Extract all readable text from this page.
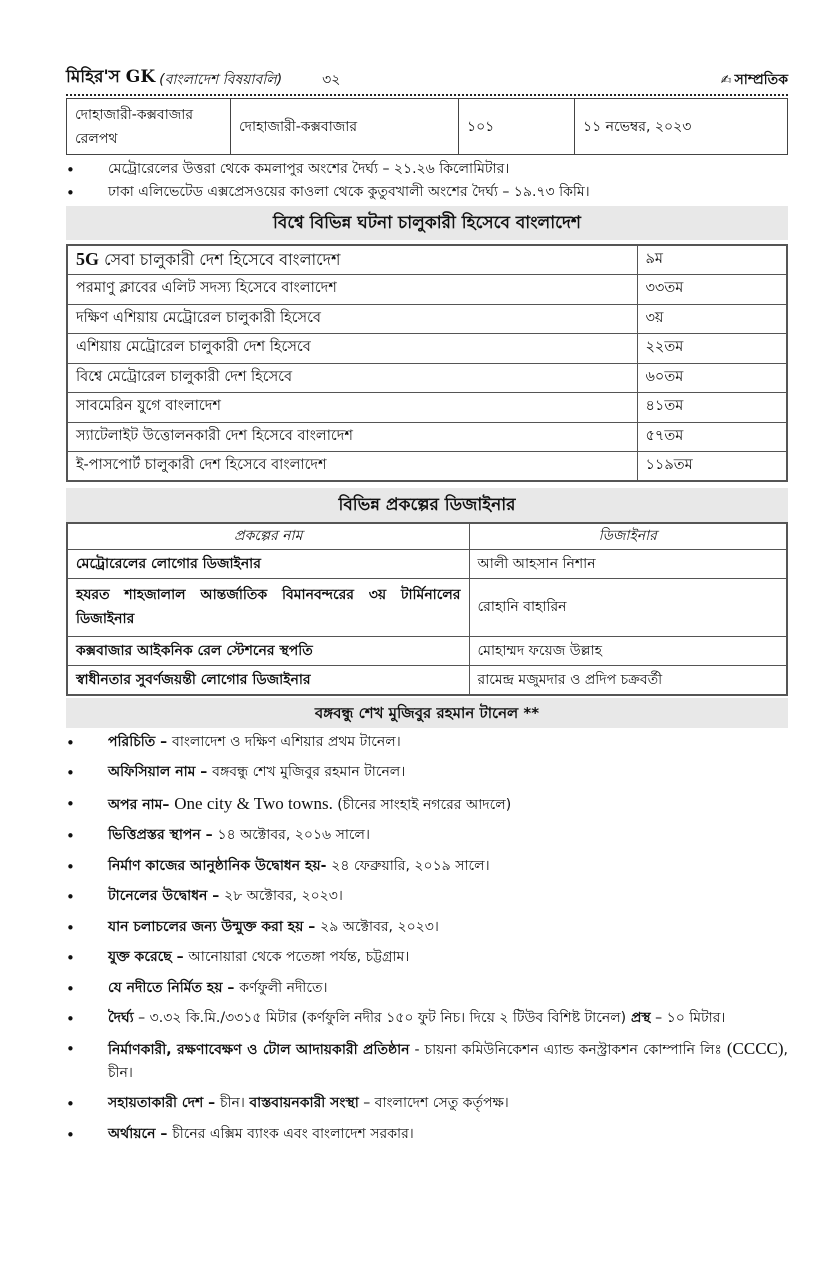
মিহির'স GK (বাংলাদেশ বিষয়াবলি)	৩২	✍ সাম্প্রতিক
দোহাজারী-কক্সবাজার রেলপথ	দোহাজারী-কক্সবাজার	১০১	১১ নভেম্বর, ২০২৩
• মেট্রোরেলের উত্তরা থেকে কমলাপুর অংশের দৈর্ঘ্য – ২১.২৬ কিলোমিটার।
• ঢাকা এলিভেটেড এক্সপ্রেসওয়ের কাওলা থেকে কুতুবখালী অংশের দৈর্ঘ্য – ১৯.৭৩ কিমি।
বিশ্বে বিভিন্ন ঘটনা চালুকারী হিসেবে বাংলাদেশ
5G সেবা চালুকারী দেশ হিসেবে বাংলাদেশ	৯ম
পরমাণু ক্লাবের এলিট সদস্য হিসেবে বাংলাদেশ	৩৩তম
দক্ষিণ এশিয়ায় মেট্রোরেল চালুকারী হিসেবে	৩য়
এশিয়ায় মেট্রোরেল চালুকারী দেশ হিসেবে	২২তম
বিশ্বে মেট্রোরেল চালুকারী দেশ হিসেবে	৬০তম
সাবমেরিন যুগে বাংলাদেশ	৪১তম
স্যাটেলাইট উত্তোলনকারী দেশ হিসেবে বাংলাদেশ	৫৭তম
ই-পাসপোর্ট চালুকারী দেশ হিসেবে বাংলাদেশ	১১৯তম
বিভিন্ন প্রকল্পের ডিজাইনার
প্রকল্পের নাম	ডিজাইনার
মেট্রোরেলের লোগোর ডিজাইনার	আলী আহসান নিশান
হযরত শাহজালাল আন্তর্জাতিক বিমানবন্দরের ৩য় টার্মিনালের ডিজাইনার	রোহানি বাহারিন
কক্সবাজার আইকনিক রেল স্টেশনের স্থপতি	মোহাম্মদ ফয়েজ উল্লাহ
স্বাধীনতার সুবর্ণজয়ন্তী লোগোর ডিজাইনার	রামেন্দ্র মজুমদার ও প্রদিপ চক্রবর্তী
বঙ্গবন্ধু শেখ মুজিবুর রহমান টানেল **
• পরিচিতি – বাংলাদেশ ও দক্ষিণ এশিয়ার প্রথম টানেল।
• অফিসিয়াল নাম – বঙ্গবন্ধু শেখ মুজিবুর রহমান টানেল।
• অপর নাম– One city & Two towns. (চীনের সাংহাই নগরের আদলে)
• ভিত্তিপ্রস্তর স্থাপন – ১৪ অক্টোবর, ২০১৬ সালে।
• নির্মাণ কাজের আনুষ্ঠানিক উদ্বোধন হয়- ২৪ ফেব্রুয়ারি, ২০১৯ সালে।
• টানেলের উদ্বোধন – ২৮ অক্টোবর, ২০২৩।
• যান চলাচলের জন্য উন্মুক্ত করা হয় – ২৯ অক্টোবর, ২০২৩।
• যুক্ত করেছে – আনোয়ারা থেকে পতেঙ্গা পর্যন্ত, চট্টগ্রাম।
• যে নদীতে নির্মিত হয় – কর্ণফুলী নদীতে।
• দৈর্ঘ্য – ৩.৩২ কি.মি./৩৩১৫ মিটার (কর্ণফুলি নদীর ১৫০ ফুট নিচ। দিয়ে ২ টিউব বিশিষ্ট টানেল) প্রস্থ – ১০ মিটার।
• নির্মাণকারী, রক্ষণাবেক্ষণ ও টোল আদায়কারী প্রতিষ্ঠান - চায়না কমিউনিকেশন এ্যান্ড কনস্ট্রাকশন কোম্পানি লিঃ (CCCC), চীন।
• সহায়তাকারী দেশ – চীন। বাস্তবায়নকারী সংস্থা – বাংলাদেশ সেতু কর্তৃপক্ষ।
• অর্থায়নে – চীনের এক্সিম ব্যাংক এবং বাংলাদেশ সরকার।
